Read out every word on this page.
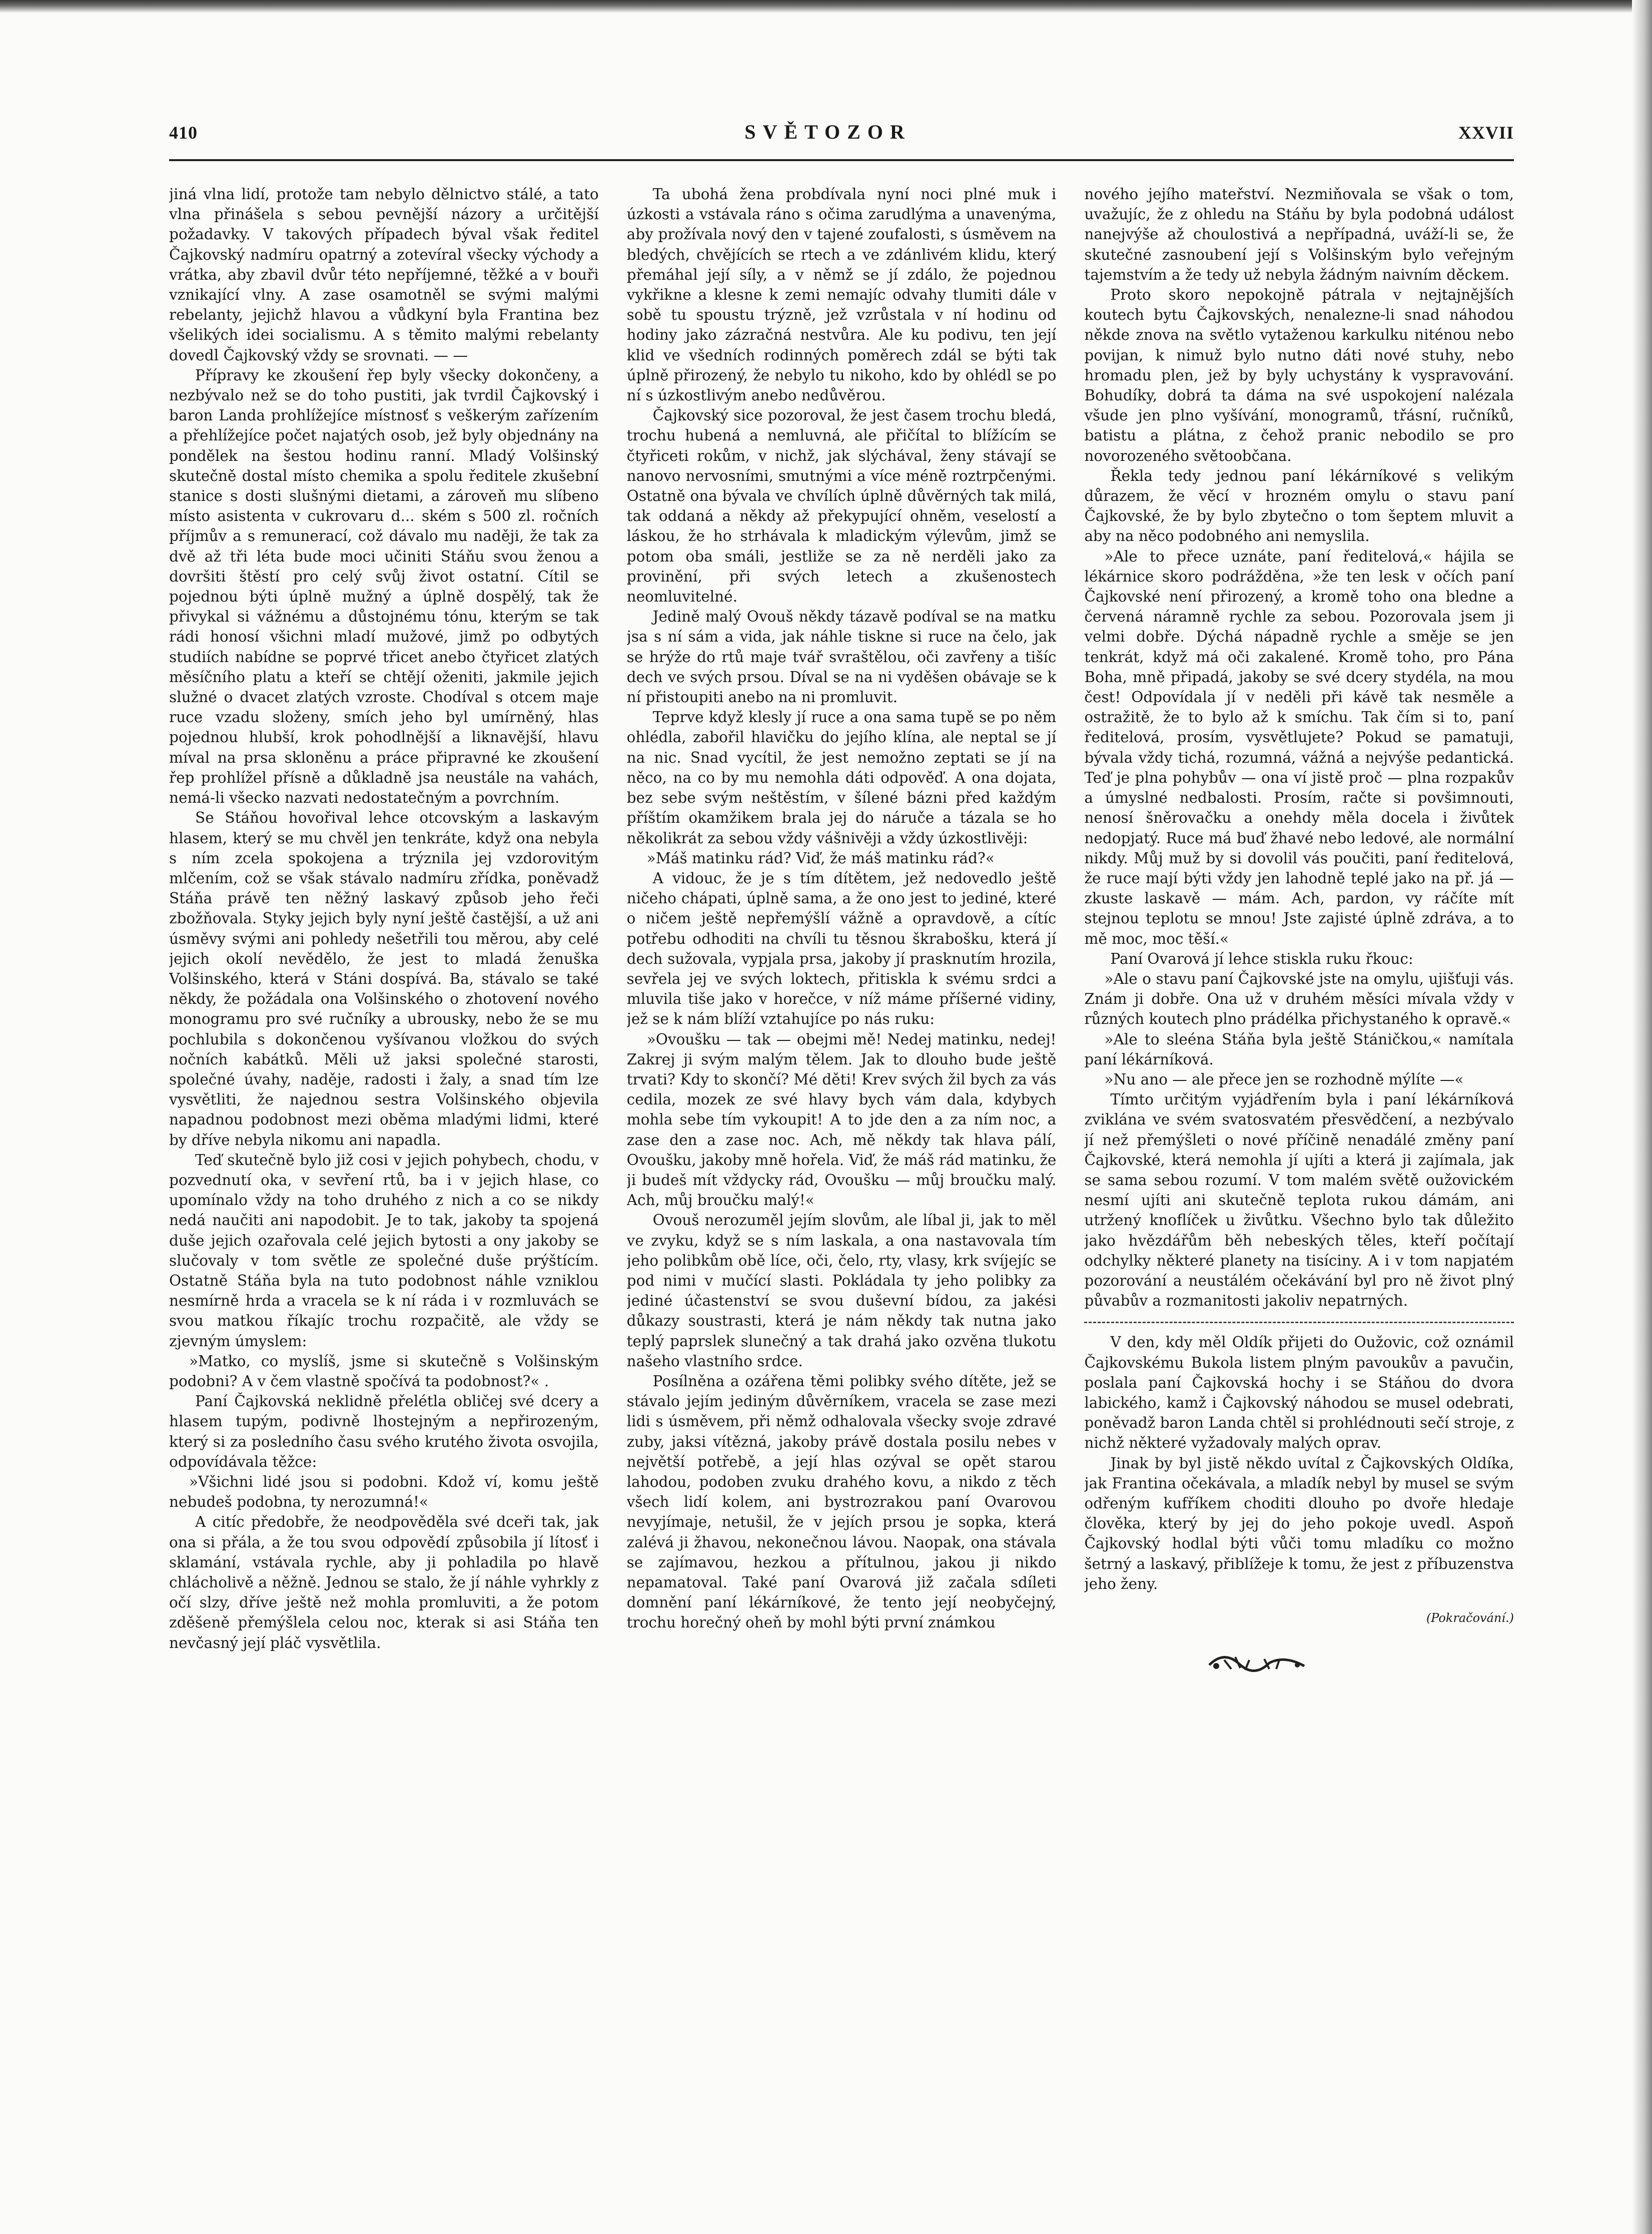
410	SVĚTOZOR	XXVII

jiná vlna lidí, protože tam nebylo dělnictvo stálé, a tato vlna přinášela s sebou pevnější názory a určitější požadavky. V takových případech býval však ředitel Čajkovský nadmíru opatrný a zotevíral všecky východy a vrátka, aby zbavil dvůr této nepříjemné, těžké a v bouři vznikající vlny. A zase osamotněl se svými malými rebelanty, jejichž hlavou a vůdkyní byla Frantina bez všelikých idei socialismu. A s těmito malými rebelanty dovedl Čajkovský vždy se srovnati. — —

Přípravy ke zkoušení řep byly všecky dokončeny, a nezbývalo než se do toho pustiti, jak tvrdil Čajkovský i baron Landa prohlížejíce místnosť s veškerým zařízením a přehlížejíce počet najatých osob, jež byly objednány na pondělek na šestou hodinu ranní. Mladý Volšinský skutečně dostal místo chemika a spolu ředitele zkušební stanice s dosti slušnými dietami, a zároveň mu slíbeno místo asistenta v cukrovaru d... ském s 500 zl. ročních příjmův a s remunerací, což dávalo mu naději, že tak za dvě až tři léta bude moci učiniti Stáňu svou ženou a dovršiti štěstí pro celý svůj život ostatní. Cítil se pojednou býti úplně mužný a úplně dospělý, tak že přivykal si vážnému a důstojnému tónu, kterým se tak rádi honosí všichni mladí mužové, jimž po odbytých studiích nabídne se poprvé třicet anebo čtyřicet zlatých měsíčního platu a kteří se chtějí oženiti, jakmile jejich služné o dvacet zlatých vzroste. Chodíval s otcem maje ruce vzadu složeny, smích jeho byl umírněný, hlas pojednou hlubší, krok pohodlnější a liknavější, hlavu míval na prsa skloněnu a práce připravné ke zkoušení řep prohlížel přísně a důkladně jsa neustále na vahách, nemá-li všecko nazvati nedostatečným a povrchním.

Se Stáňou hovořival lehce otcovským a laskavým hlasem, který se mu chvěl jen tenkráte, když ona nebyla s ním zcela spokojena a trýznila jej vzdorovitým mlčením, což se však stávalo nadmíru zřídka, poněvadž Stáňa právě ten něžný laskavý způsob jeho řeči zbožňovala. Styky jejich byly nyní ještě častější, a už ani úsměvy svými ani pohledy nešetřili tou měrou, aby celé jejich okolí nevědělo, že jest to mladá ženuška Volšinského, která v Stáni dospívá. Ba, stávalo se také někdy, že požádala ona Volšinského o zhotovení nového monogramu pro své ručníky a ubrousky, nebo že se mu pochlubila s dokončenou vyšívanou vložkou do svých nočních kabátků. Měli už jaksi společné starosti, společné úvahy, naděje, radosti i žaly, a snad tím lze vysvětliti, že najednou sestra Volšinského objevila napadnou podobnost mezi oběma mladými lidmi, které by dříve nebyla nikomu ani napadla.

Teď skutečně bylo již cosi v jejich pohybech, chodu, v pozvednutí oka, v sevření rtů, ba i v jejich hlase, co upomínalo vždy na toho druhého z nich a co se nikdy nedá naučiti ani napodobit. Je to tak, jakoby ta spojená duše jejich ozařovala celé jejich bytosti a ony jakoby se slučovaly v tom světle ze společné duše prýštícím. Ostatně Stáňa byla na tuto podobnost náhle vzniklou nesmírně hrda a vracela se k ní ráda i v rozmluvách se svou matkou říkajíc trochu rozpačitě, ale vždy se zjevným úmyslem:

»Matko, co myslíš, jsme si skutečně s Volšinským podobni? A v čem vlastně spočívá ta podobnost?« .

Paní Čajkovská neklidně přelétla obličej své dcery a hlasem tupým, podivně lhostejným a nepřirozeným, který si za posledního času svého krutého života osvojila, odpovídávala těžce:

»Všichni lidé jsou si podobni. Kdož ví, komu ještě nebudeš podobna, ty nerozumná!«

A citíc předobře, že neodpověděla své dceři tak, jak ona si přála, a že tou svou odpovědí způsobila jí lítosť i sklamání, vstávala rychle, aby ji pohladila po hlavě chlácholivě a něžně. Jednou se stalo, že jí náhle vyhrkly z očí slzy, dříve ještě než mohla promluviti, a že potom zděšeně přemýšlela celou noc, kterak si asi Stáňa ten nevčasný její pláč vysvětlila.

Ta ubohá žena probdívala nyní noci plné muk i úzkosti a vstávala ráno s očima zarudlýma a unavenýma, aby prožívala nový den v tajené zoufalosti, s úsměvem na bledých, chvějících se rtech a ve zdánlivém klidu, který přemáhal její síly, a v němž se jí zdálo, že pojednou vykřikne a klesne k zemi nemajíc odvahy tlumiti dále v sobě tu spoustu trýzně, jež vzrůstala v ní hodinu od hodiny jako zázračná nestvůra. Ale ku podivu, ten její klid ve všedních rodinných poměrech zdál se býti tak úplně přirozený, že nebylo tu nikoho, kdo by ohlédl se po ní s úzkostlivým anebo nedůvěrou.

Čajkovský sice pozoroval, že jest časem trochu bledá, trochu hubená a nemluvná, ale přičítal to blížícím se čtyřiceti rokům, v nichž, jak slýchával, ženy stávají se nanovo nervosními, smutnými a více méně roztrpčenými. Ostatně ona bývala ve chvílích úplně důvěrných tak milá, tak oddaná a někdy až překypující ohněm, veselostí a láskou, že ho strhávala k mladickým výlevům, jimž se potom oba smáli, jestliže se za ně nerděli jako za provinění, při svých letech a zkušenostech neomluvitelné.

Jedině malý Ovouš někdy tázavě podíval se na matku jsa s ní sám a vida, jak náhle tiskne si ruce na čelo, jak se hrýže do rtů maje tvář svraštělou, oči zavřeny a tišíc dech ve svých prsou. Díval se na ni vyděšen obávaje se k ní přistoupiti anebo na ni promluvit.

Teprve když klesly jí ruce a ona sama tupě se po něm ohlédla, zabořil hlavičku do jejího klína, ale neptal se jí na nic. Snad vycítil, že jest nemožno zeptati se jí na něco, na co by mu nemohla dáti odpověď. A ona dojata, bez sebe svým neštěstím, v šílené bázni před každým příštím okamžikem brala jej do náruče a tázala se ho několikrát za sebou vždy vášnivěji a vždy úzkostlivěji:

»Máš matinku rád? Viď, že máš matinku rád?«

A vidouc, že je s tím dítětem, jež nedovedlo ještě ničeho chápati, úplně sama, a že ono jest to jediné, které o ničem ještě nepřemýšlí vážně a opravdově, a cítíc potřebu odhoditi na chvíli tu těsnou škrabošku, která jí dech sužovala, vypjala prsa, jakoby jí prasknutím hrozila, sevřela jej ve svých loktech, přitiskla k svému srdci a mluvila tiše jako v horečce, v níž máme příšerné vidiny, jež se k nám blíží vztahujíce po nás ruku:

»Ovoušku — tak — obejmi mě! Nedej matinku, nedej! Zakrej ji svým malým tělem. Jak to dlouho bude ještě trvati? Kdy to skončí? Mé děti! Krev svých žil bych za vás cedila, mozek ze své hlavy bych vám dala, kdybych mohla sebe tím vykoupit! A to jde den a za ním noc, a zase den a zase noc. Ach, mě někdy tak hlava pálí, Ovoušku, jakoby mně hořela. Viď, že máš rád matinku, že ji budeš mít vždycky rád, Ovoušku — můj broučku malý. Ach, můj broučku malý!«

Ovouš nerozuměl jejím slovům, ale líbal ji, jak to měl ve zvyku, když se s ním laskala, a ona nastavovala tím jeho polibkům obě líce, oči, čelo, rty, vlasy, krk svíjejíc se pod nimi v mučící slasti. Pokládala ty jeho polibky za jediné účastenství se svou duševní bídou, za jakési důkazy soustrasti, která je nám někdy tak nutna jako teplý paprslek slunečný a tak drahá jako ozvěna tlukotu našeho vlastního srdce.

Posílněna a ozářena těmi polibky svého dítěte, jež se stávalo jejím jediným důvěrníkem, vracela se zase mezi lidi s úsměvem, při němž odhalovala všecky svoje zdravé zuby, jaksi vítězná, jakoby právě dostala posilu nebes v největší potřebě, a její hlas ozýval se opět starou lahodou, podoben zvuku drahého kovu, a nikdo z těch všech lidí kolem, ani bystrozrakou paní Ovarovou nevyjímaje, netušil, že v jejích prsou je sopka, která zalévá ji žhavou, nekonečnou lávou. Naopak, ona stávala se zajímavou, hezkou a přítulnou, jakou ji nikdo nepamatoval. Také paní Ovarová již začala sdíleti domnění paní lékárníkové, že tento její neobyčejný, trochu horečný oheň by mohl býti první známkou

nového jejího mateřství. Nezmiňovala se však o tom, uvažujíc, že z ohledu na Stáňu by byla podobná událost nanejvýše až choulostivá a nepřípadná, uváží-li se, že skutečné zasnoubení její s Volšinským bylo veřejným tajemstvím a že tedy už nebyla žádným naivním děckem.

Proto skoro nepokojně pátrala v nejtajnějších koutech bytu Čajkovských, nenalezne-li snad náhodou někde znova na světlo vytaženou karkulku niténou nebo povijan, k nimuž bylo nutno dáti nové stuhy, nebo hromadu plen, jež by byly uchystány k vyspravování. Bohudíky, dobrá ta dáma na své uspokojení nalézala všude jen plno vyšívání, monogramů, třásní, ručníků, batistu a plátna, z čehož pranic nebodilo se pro novorozeného světoobčana.

Řekla tedy jednou paní lékárníkové s velikým důrazem, že věcí v hrozném omylu o stavu paní Čajkovské, že by bylo zbytečno o tom šeptem mluvit a aby na něco podobného ani nemyslila.

»Ale to přece uznáte, paní ředitelová,« hájila se lékárnice skoro podrážděna, »že ten lesk v očích paní Čajkovské není přirozený, a kromě toho ona bledne a červená náramně rychle za sebou. Pozorovala jsem ji velmi dobře. Dýchá nápadně rychle a směje se jen tenkrát, když má oči zakalené. Kromě toho, pro Pána Boha, mně připadá, jakoby se své dcery stydéla, na mou čest! Odpovídala jí v neděli při kávě tak nesměle a ostražitě, že to bylo až k smíchu. Tak čím si to, paní ředitelová, prosím, vysvětlujete? Pokud se pamatuji, bývala vždy tichá, rozumná, vážná a nejvýše pedantická. Teď je plna pohybův — ona ví jistě proč — plna rozpakův a úmyslné nedbalosti. Prosím, račte si povšimnouti, nenosí šněrovačku a onehdy měla docela i živůtek nedopjatý. Ruce má buď žhavé nebo ledové, ale normální nikdy. Můj muž by si dovolil vás poučiti, paní ředitelová, že ruce mají býti vždy jen lahodně teplé jako na př. já — zkuste laskavě — mám. Ach, pardon, vy ráčíte mít stejnou teplotu se mnou! Jste zajisté úplně zdráva, a to mě moc, moc těší.«

Paní Ovarová jí lehce stiskla ruku řkouc:

»Ale o stavu paní Čajkovské jste na omylu, ujišťuji vás. Znám ji dobře. Ona už v druhém měsíci mívala vždy v různých koutech plno prádélka přichystaného k opravě.«

»Ale to sleéna Stáňa byla ještě Stáničkou,« namítala paní lékárníková.

»Nu ano — ale přece jen se rozhodně mýlíte —«

Tímto určitým vyjádřením byla i paní lékárníková zviklána ve svém svatosvatém přesvědčení, a nezbývalo jí než přemýšleti o nové příčině nenadálé změny paní Čajkovské, která nemohla jí ujíti a která ji zajímala, jak se sama sebou rozumí. V tom malém světě oužovickém nesmí ujíti ani skutečně teplota rukou dámám, ani utržený knoflíček u živůtku. Všechno bylo tak důležito jako hvězdářům běh nebeských těles, kteří počítají odchylky některé planety na tisíciny. A i v tom napjatém pozorování a neustálém očekávání byl pro ně život plný půvabův a rozmanitosti jakoliv nepatrných.

V den, kdy měl Oldík přijeti do Oužovic, což oznámil Čajkovskému Bukola listem plným pavoukův a pavučin, poslala paní Čajkovská hochy i se Stáňou do dvora labického, kamž i Čajkovský náhodou se musel odebrati, poněvadž baron Landa chtěl si prohlédnouti sečí stroje, z nichž některé vyžadovaly malých oprav.

Jinak by byl jistě někdo uvítal z Čajkovských Oldíka, jak Frantina očekávala, a mladík nebyl by musel se svým odřeným kufříkem choditi dlouho po dvoře hledaje člověka, který by jej do jeho pokoje uvedl. Aspoň Čajkovský hodlal býti vůči tomu mladíku co možno šetrný a laskavý, přiblížeje k tomu, že jest z příbuzenstva jeho ženy.

(Pokračování.)
